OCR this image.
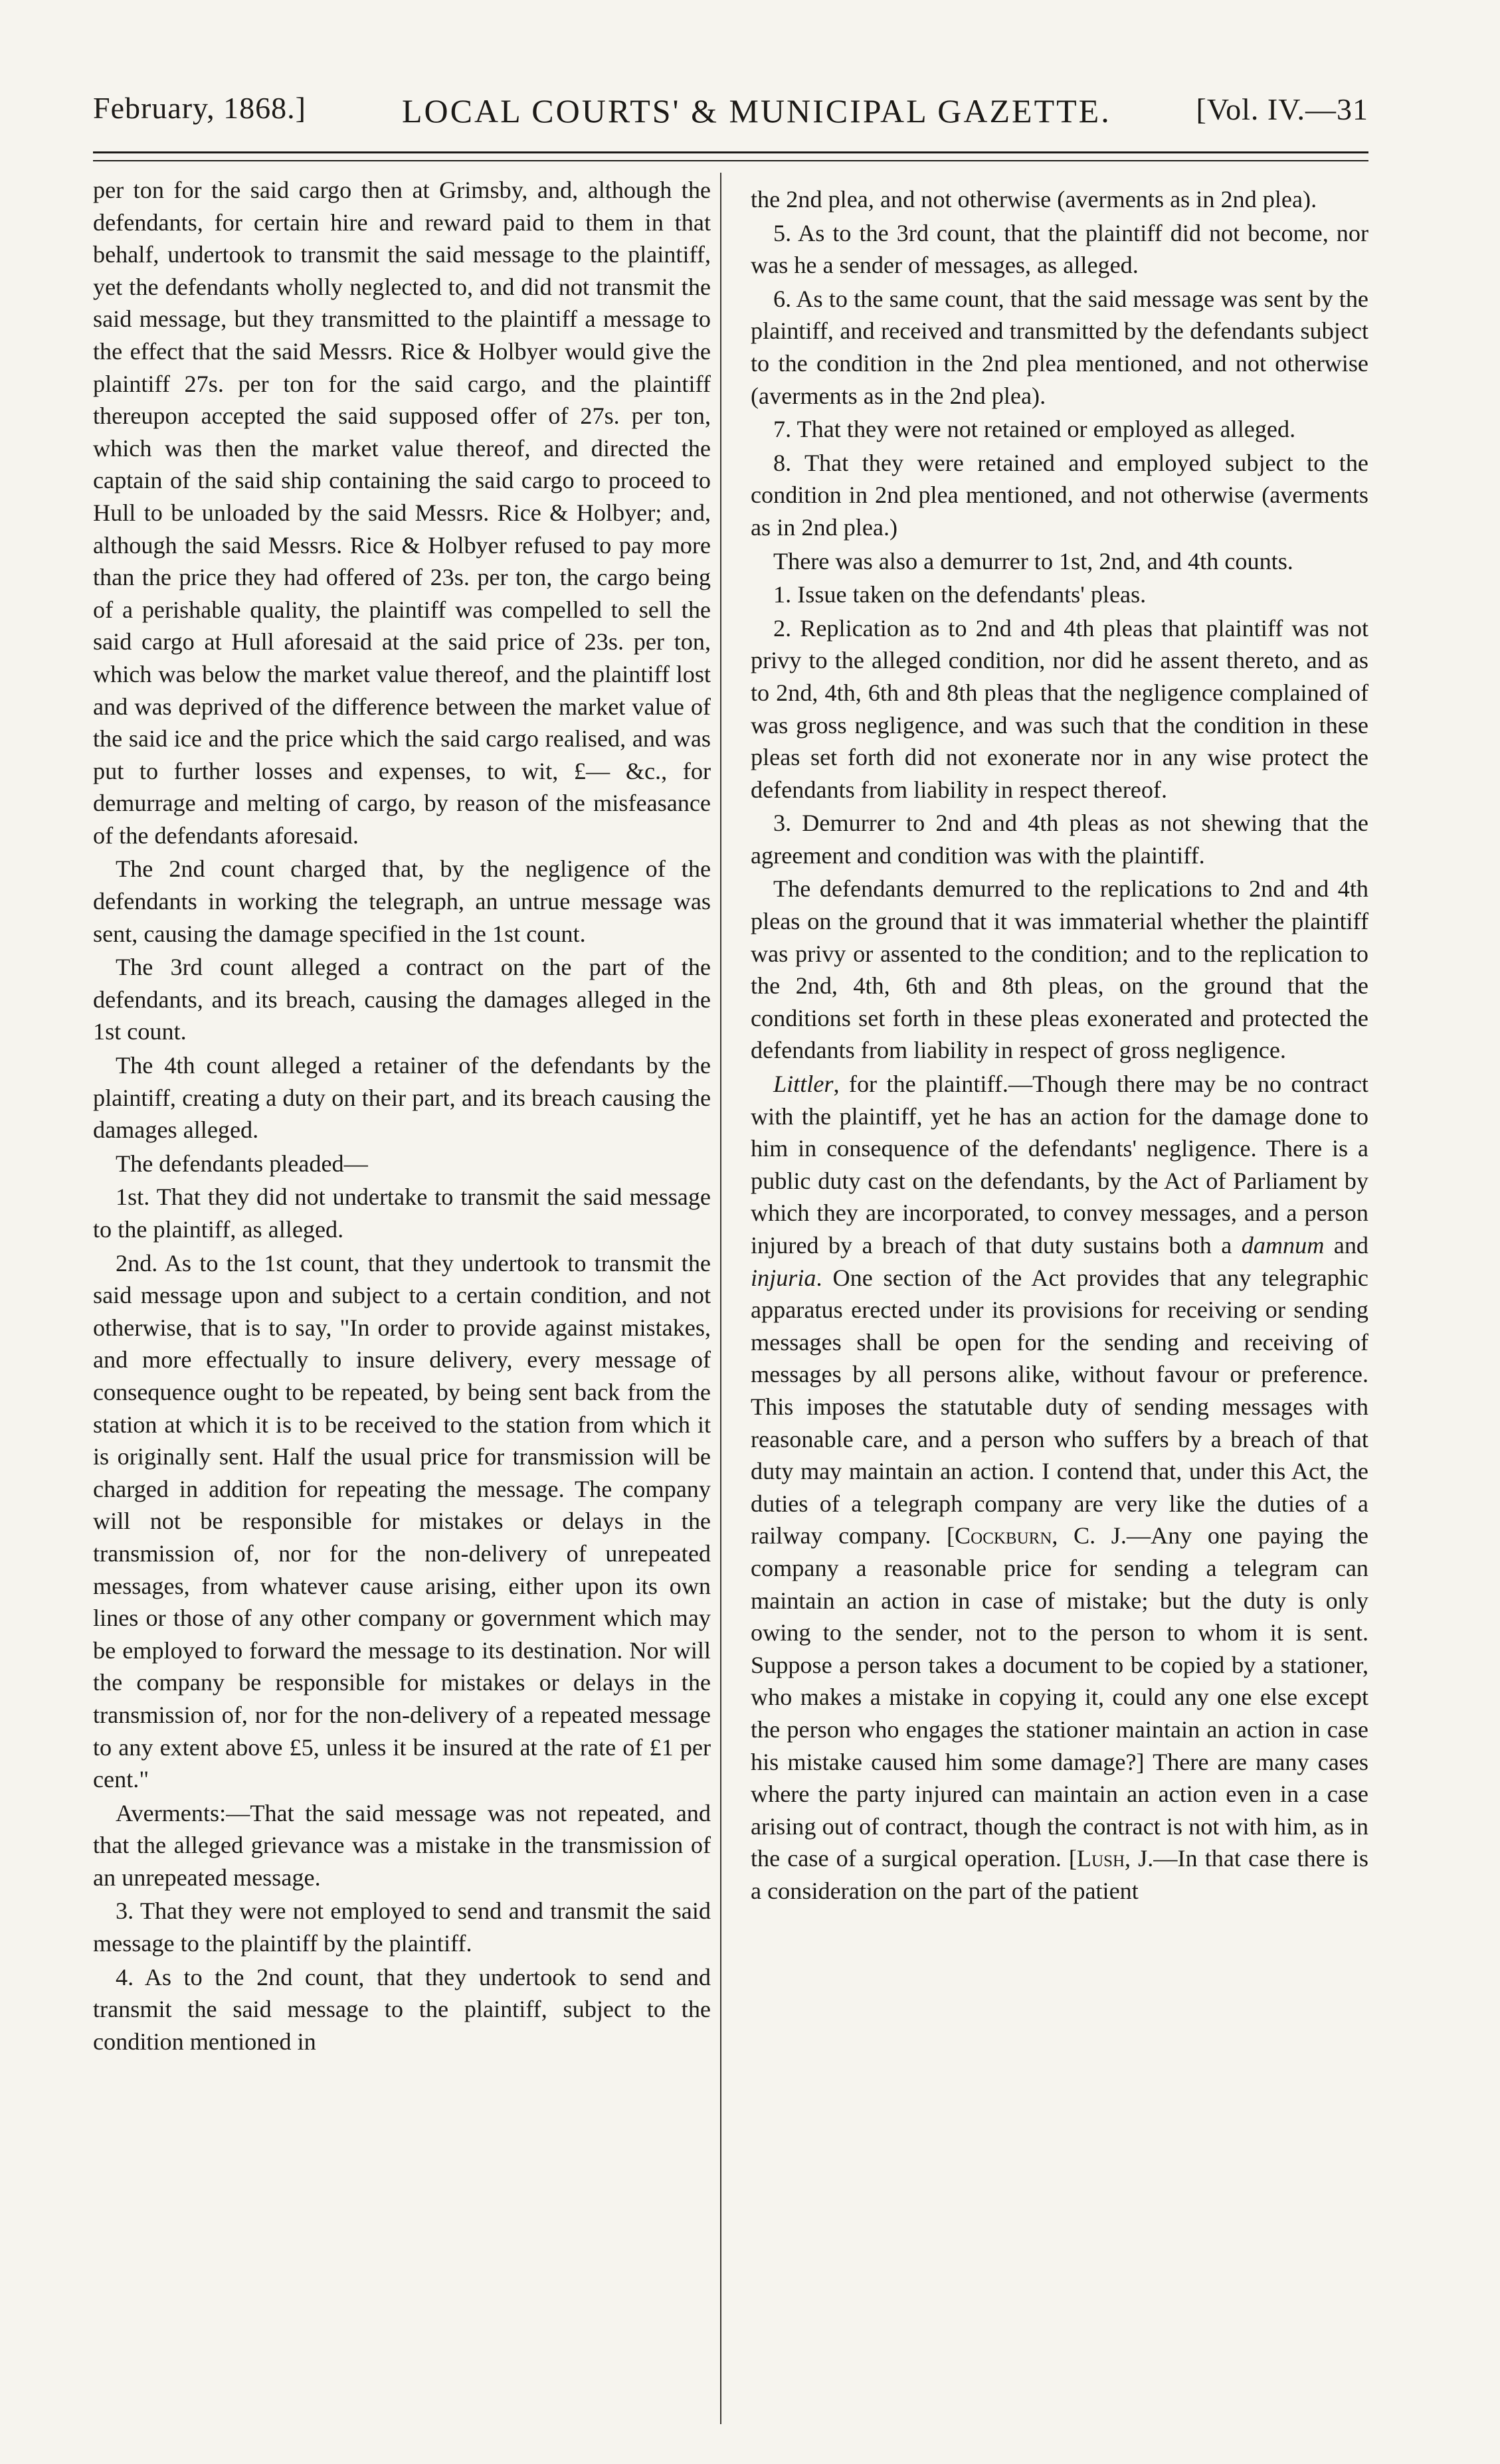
February, 1868.]	LOCAL COURTS' & MUNICIPAL GAZETTE.	[Vol. IV.—31

per ton for the said cargo then at Grimsby, and, although the defendants, for certain hire and reward paid to them in that behalf, undertook to transmit the said message to the plaintiff, yet the defendants wholly neglected to, and did not transmit the said message, but they transmitted to the plaintiff a message to the effect that the said Messrs. Rice & Holbyer would give the plaintiff 27s. per ton for the said cargo, and the plaintiff thereupon accepted the said supposed offer of 27s. per ton, which was then the market value thereof, and directed the captain of the said ship containing the said cargo to proceed to Hull to be unloaded by the said Messrs. Rice & Holbyer; and, although the said Messrs. Rice & Holbyer refused to pay more than the price they had offered of 23s. per ton, the cargo being of a perishable quality, the plaintiff was compelled to sell the said cargo at Hull aforesaid at the said price of 23s. per ton, which was below the market value thereof, and the plaintiff lost and was deprived of the difference between the market value of the said ice and the price which the said cargo realised, and was put to further losses and expenses, to wit, £— &c., for demurrage and melting of cargo, by reason of the misfeasance of the defendants aforesaid.

The 2nd count charged that, by the negligence of the defendants in working the telegraph, an untrue message was sent, causing the damage specified in the 1st count.

The 3rd count alleged a contract on the part of the defendants, and its breach, causing the damages alleged in the 1st count.

The 4th count alleged a retainer of the defendants by the plaintiff, creating a duty on their part, and its breach causing the damages alleged.

The defendants pleaded—

1st. That they did not undertake to transmit the said message to the plaintiff, as alleged.

2nd. As to the 1st count, that they undertook to transmit the said message upon and subject to a certain condition, and not otherwise, that is to say, "In order to provide against mistakes, and more effectually to insure delivery, every message of consequence ought to be repeated, by being sent back from the station at which it is to be received to the station from which it is originally sent. Half the usual price for transmission will be charged in addition for repeating the message. The company will not be responsible for mistakes or delays in the transmission of, nor for the non-delivery of unrepeated messages, from whatever cause arising, either upon its own lines or those of any other company or government which may be employed to forward the message to its destination. Nor will the company be responsible for mistakes or delays in the transmission of, nor for the non-delivery of a repeated message to any extent above £5, unless it be insured at the rate of £1 per cent."

Averments:—That the said message was not repeated, and that the alleged grievance was a mistake in the transmission of an unrepeated message.

3. That they were not employed to send and transmit the said message to the plaintiff by the plaintiff.

4. As to the 2nd count, that they undertook to send and transmit the said message to the plaintiff, subject to the condition mentioned in

the 2nd plea, and not otherwise (averments as in 2nd plea).

5. As to the 3rd count, that the plaintiff did not become, nor was he a sender of messages, as alleged.

6. As to the same count, that the said message was sent by the plaintiff, and received and transmitted by the defendants subject to the condition in the 2nd plea mentioned, and not otherwise (averments as in the 2nd plea).

7. That they were not retained or employed as alleged.

8. That they were retained and employed subject to the condition in 2nd plea mentioned, and not otherwise (averments as in 2nd plea.)

There was also a demurrer to 1st, 2nd, and 4th counts.

1. Issue taken on the defendants' pleas.

2. Replication as to 2nd and 4th pleas that plaintiff was not privy to the alleged condition, nor did he assent thereto, and as to 2nd, 4th, 6th and 8th pleas that the negligence complained of was gross negligence, and was such that the condition in these pleas set forth did not exonerate nor in any wise protect the defendants from liability in respect thereof.

3. Demurrer to 2nd and 4th pleas as not shewing that the agreement and condition was with the plaintiff.

The defendants demurred to the replications to 2nd and 4th pleas on the ground that it was immaterial whether the plaintiff was privy or assented to the condition; and to the replication to the 2nd, 4th, 6th and 8th pleas, on the ground that the conditions set forth in these pleas exonerated and protected the defendants from liability in respect of gross negligence.

Littler, for the plaintiff.—Though there may be no contract with the plaintiff, yet he has an action for the damage done to him in consequence of the defendants' negligence. There is a public duty cast on the defendants, by the Act of Parliament by which they are incorporated, to convey messages, and a person injured by a breach of that duty sustains both a damnum and injuria. One section of the Act provides that any telegraphic apparatus erected under its provisions for receiving or sending messages shall be open for the sending and receiving of messages by all persons alike, without favour or preference. This imposes the statutable duty of sending messages with reasonable care, and a person who suffers by a breach of that duty may maintain an action. I contend that, under this Act, the duties of a telegraph company are very like the duties of a railway company. [Cockburn, C. J.—Any one paying the company a reasonable price for sending a telegram can maintain an action in case of mistake; but the duty is only owing to the sender, not to the person to whom it is sent. Suppose a person takes a document to be copied by a stationer, who makes a mistake in copying it, could any one else except the person who engages the stationer maintain an action in case his mistake caused him some damage?] There are many cases where the party injured can maintain an action even in a case arising out of contract, though the contract is not with him, as in the case of a surgical operation. [Lush, J.—In that case there is a consideration on the part of the patient
